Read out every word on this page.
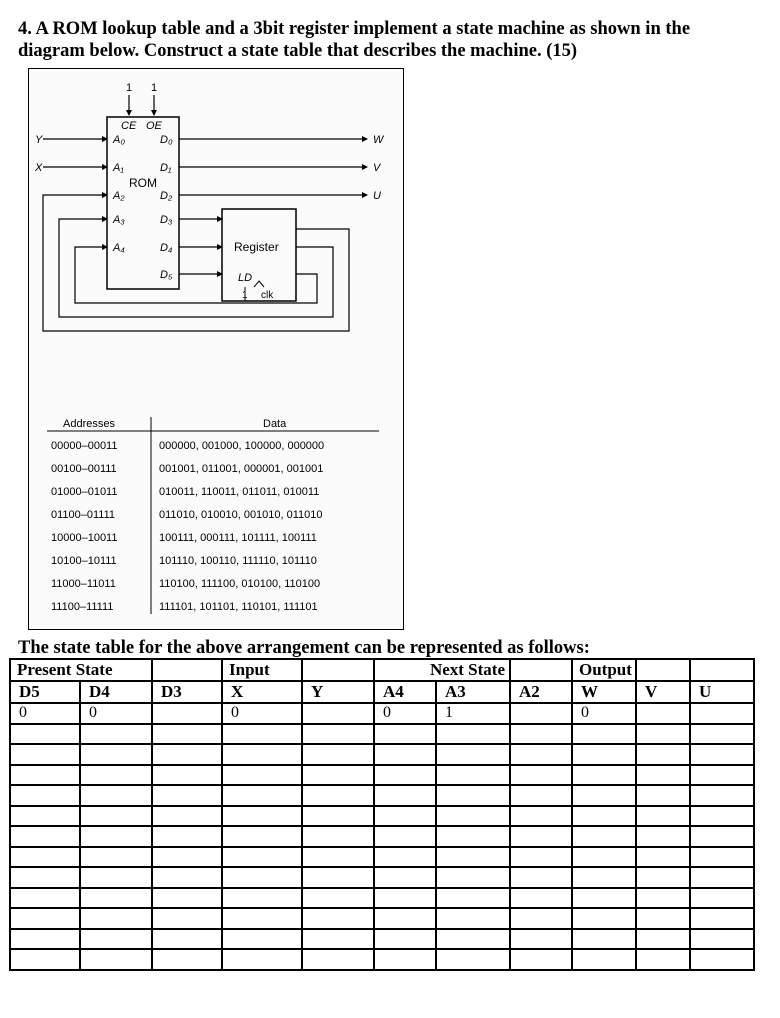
4. A ROM lookup table and a 3bit register implement a state machine as shown in the diagram below. Construct a state table that describes the machine. (15)

1 1
CE OE
ROM
A₀
A₁
A₂
A₃
A₄
D₀
D₁
D₂
D₃
D₄
D₅
Y
X
W
V
U
Register
LD
1 clk
Addresses	Data
00000–00011	000000, 001000, 100000, 000000
00100–00111	001001, 011001, 000001, 001001
01000–01011	010011, 110011, 011011, 010011
01100–01111	011010, 010010, 001010, 011010
10000–10011	100111, 000111, 101111, 100111
10100–10111	101110, 100110, 111110, 101110
11000–11011	110100, 111100, 010100, 110100
11100–11111	111101, 101101, 110101, 111101

The state table for the above arrangement can be represented as follows:

Present State			Input		Next State			Output		
D5	D4	D3	X	Y	A4	A3	A2	W	V	U
0	0		0		0	1		0		
